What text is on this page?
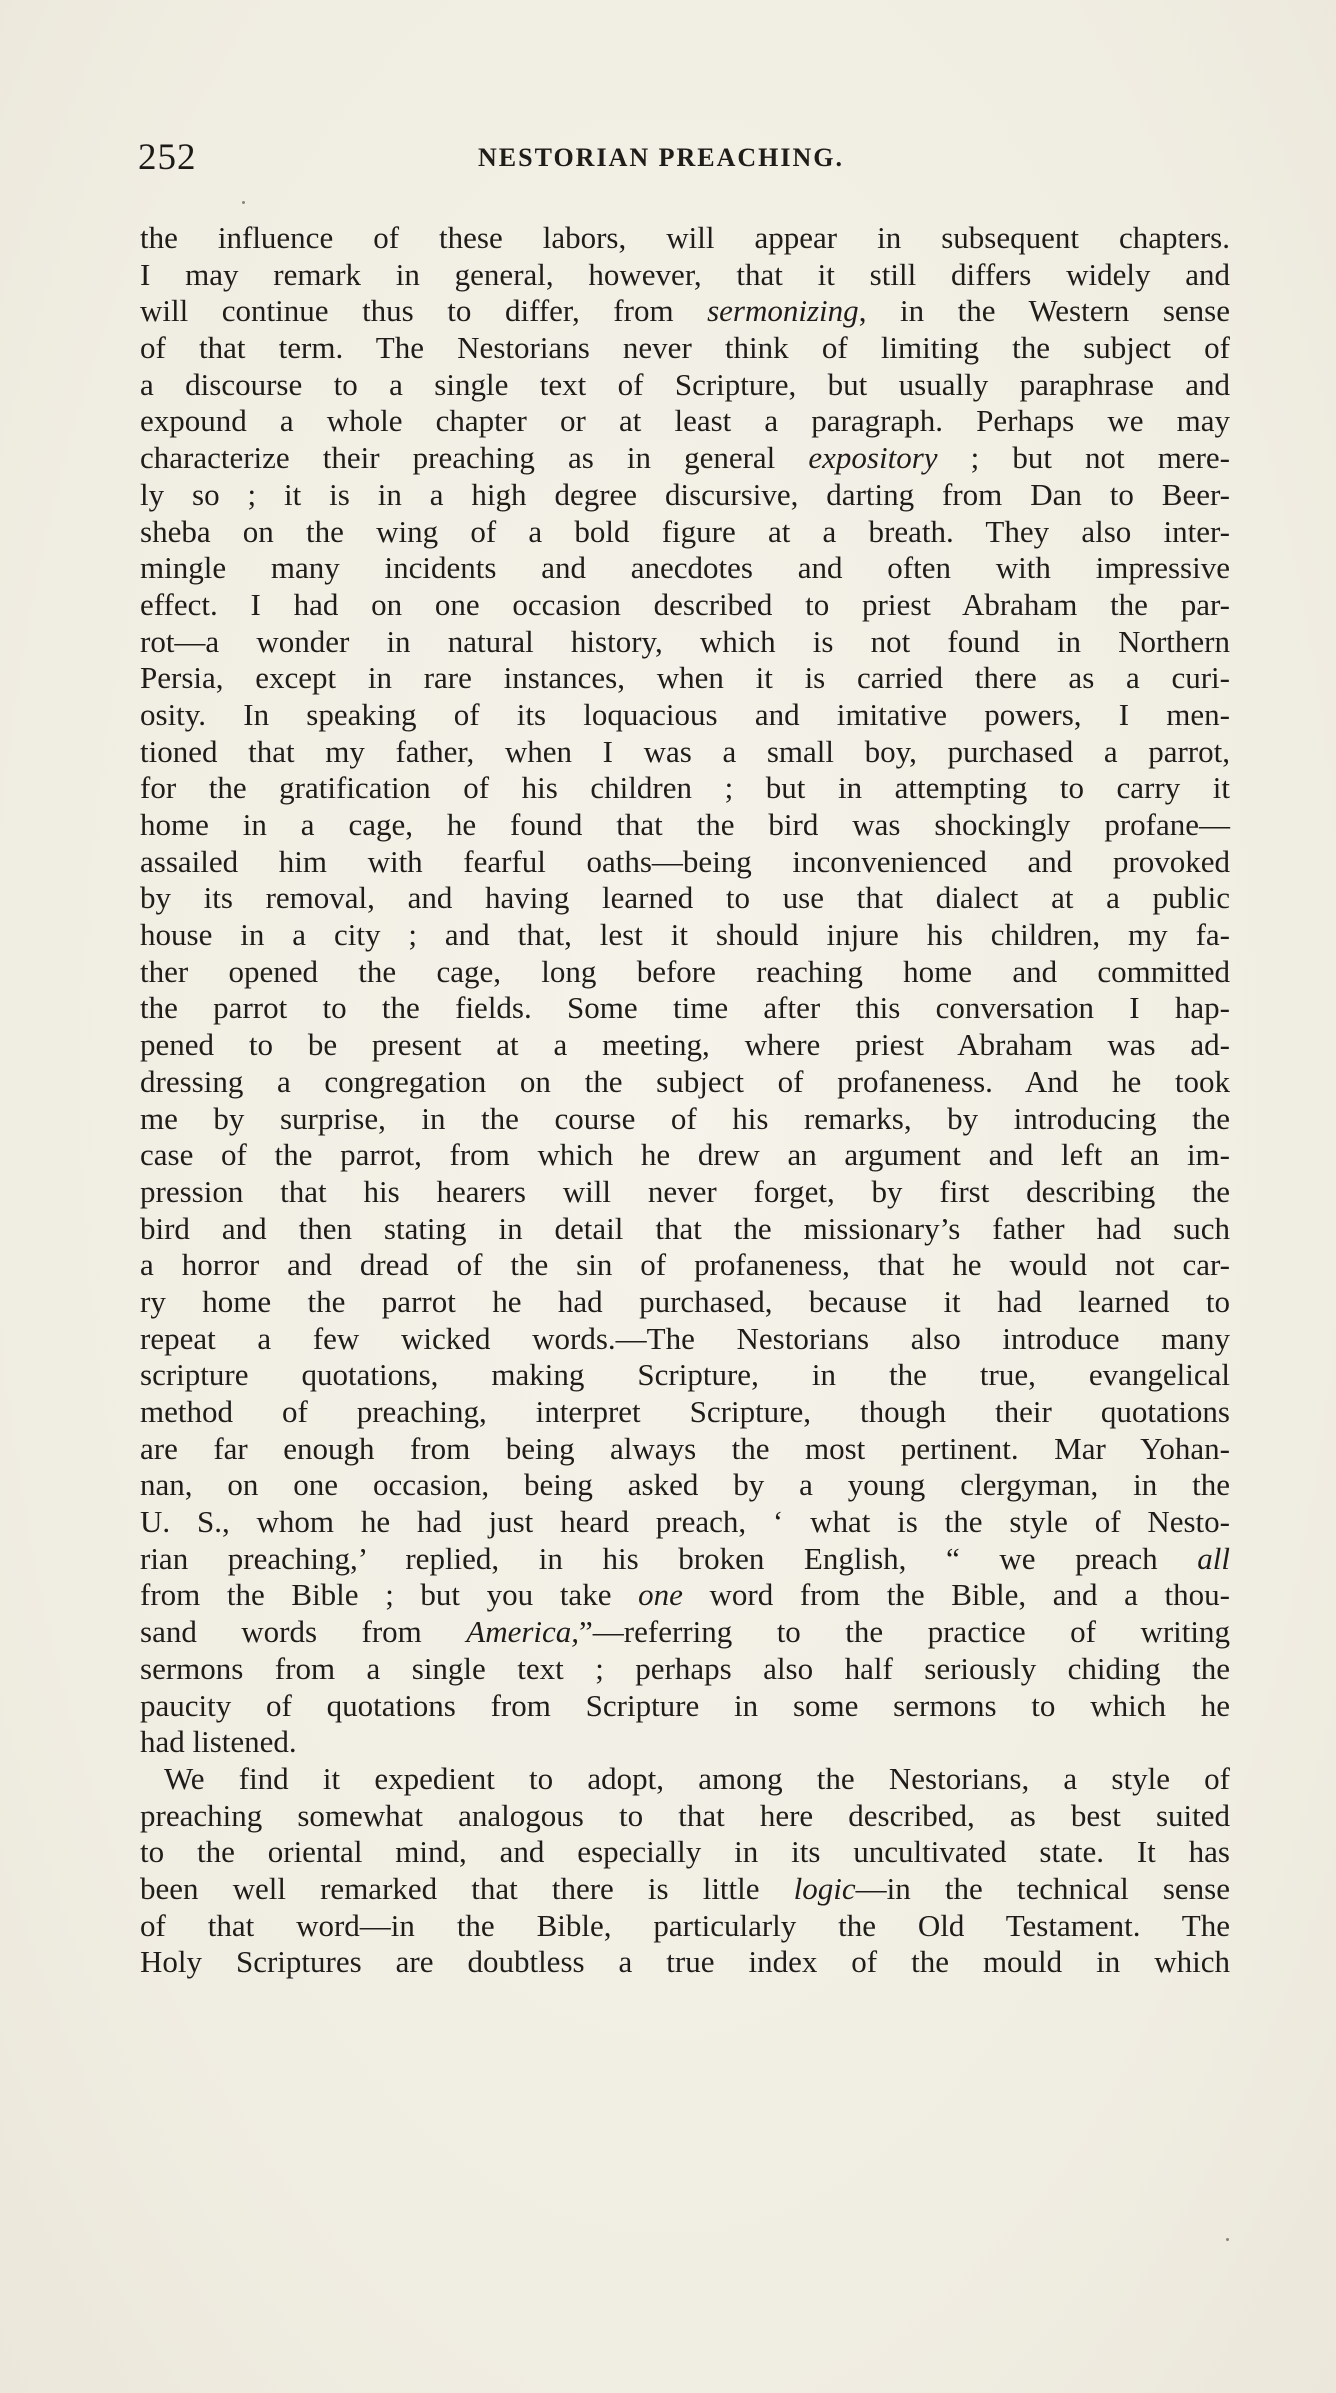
252	NESTORIAN PREACHING.
the influence of these labors, will appear in subsequent chapters.
I may remark in general, however, that it still differs widely and
will continue thus to differ, from sermonizing, in the Western sense
of that term. The Nestorians never think of limiting the subject of
a discourse to a single text of Scripture, but usually paraphrase and
expound a whole chapter or at least a paragraph. Perhaps we may
characterize their preaching as in general expository ; but not mere-
ly so ; it is in a high degree discursive, darting from Dan to Beer-
sheba on the wing of a bold figure at a breath. They also inter-
mingle many incidents and anecdotes and often with impressive
effect. I had on one occasion described to priest Abraham the par-
rot—a wonder in natural history, which is not found in Northern
Persia, except in rare instances, when it is carried there as a curi-
osity. In speaking of its loquacious and imitative powers, I men-
tioned that my father, when I was a small boy, purchased a parrot,
for the gratification of his children ; but in attempting to carry it
home in a cage, he found that the bird was shockingly profane—
assailed him with fearful oaths—being inconvenienced and provoked
by its removal, and having learned to use that dialect at a public
house in a city ; and that, lest it should injure his children, my fa-
ther opened the cage, long before reaching home and committed
the parrot to the fields. Some time after this conversation I hap-
pened to be present at a meeting, where priest Abraham was ad-
dressing a congregation on the subject of profaneness. And he took
me by surprise, in the course of his remarks, by introducing the
case of the parrot, from which he drew an argument and left an im-
pression that his hearers will never forget, by first describing the
bird and then stating in detail that the missionary’s father had such
a horror and dread of the sin of profaneness, that he would not car-
ry home the parrot he had purchased, because it had learned to
repeat a few wicked words.—The Nestorians also introduce many
scripture quotations, making Scripture, in the true, evangelical
method of preaching, interpret Scripture, though their quotations
are far enough from being always the most pertinent. Mar Yohan-
nan, on one occasion, being asked by a young clergyman, in the
U. S., whom he had just heard preach, ‘ what is the style of Nesto-
rian preaching,’ replied, in his broken English, “ we preach all
from the Bible ; but you take one word from the Bible, and a thou-
sand words from America,”—referring to the practice of writing
sermons from a single text ; perhaps also half seriously chiding the
paucity of quotations from Scripture in some sermons to which he
had listened.
We find it expedient to adopt, among the Nestorians, a style of
preaching somewhat analogous to that here described, as best suited
to the oriental mind, and especially in its uncultivated state. It has
been well remarked that there is little logic—in the technical sense
of that word—in the Bible, particularly the Old Testament. The
Holy Scriptures are doubtless a true index of the mould in which
